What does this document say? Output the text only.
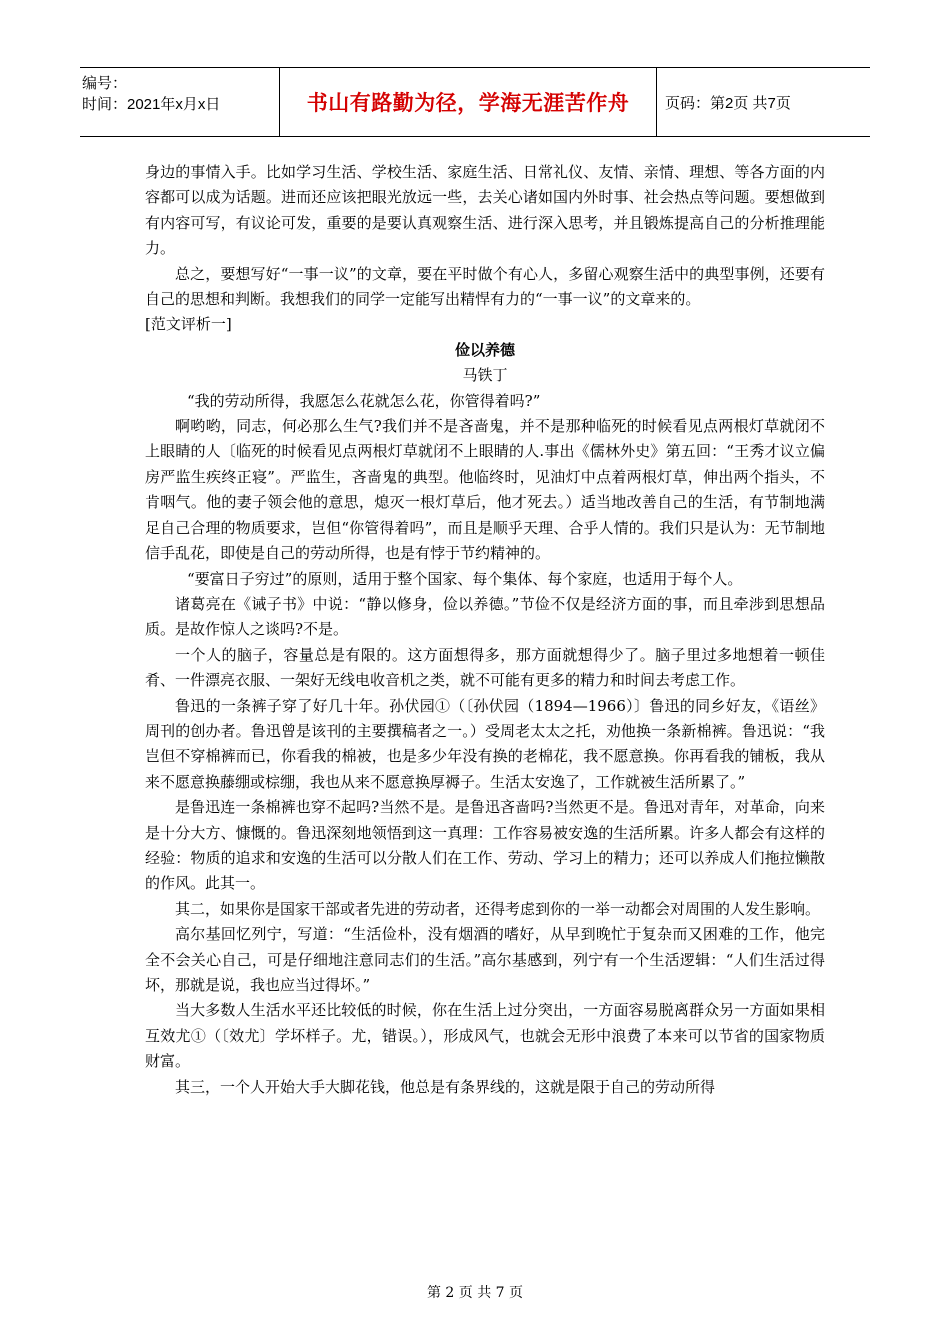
编号：
时间：2021年x月x日	书山有路勤为径，学海无涯苦作舟	页码：第2页 共7页

身边的事情入手。比如学习生活、学校生活、家庭生活、日常礼仪、友情、亲情、理想、等各方面的内容都可以成为话题。进而还应该把眼光放远一些，去关心诸如国内外时事、社会热点等问题。要想做到有内容可写，有议论可发，重要的是要认真观察生活、进行深入思考，并且锻炼提高自己的分析推理能力。

总之，要想写好“一事一议”的文章，要在平时做个有心人，多留心观察生活中的典型事例，还要有自己的思想和判断。我想我们的同学一定能写出精悍有力的“一事一议”的文章来的。

[范文评析一]

俭以养德

马铁丁

“我的劳动所得，我愿怎么花就怎么花，你管得着吗?”

啊哟哟，同志，何必那么生气?我们并不是吝啬鬼，并不是那种临死的时候看见点两根灯草就闭不上眼睛的人〔临死的时候看见点两根灯草就闭不上眼睛的人.事出《儒林外史》第五回：“王秀才议立偏房严监生疾终正寝”。严监生，吝啬鬼的典型。他临终时，见油灯中点着两根灯草，伸出两个指头，不肯咽气。他的妻子领会他的意思，熄灭一根灯草后，他才死去。）适当地改善自己的生活，有节制地满足自己合理的物质要求，岂但“你管得着吗”，而且是顺乎天理、合乎人情的。我们只是认为：无节制地信手乱花，即使是自己的劳动所得，也是有悖于节约精神的。

“要富日子穷过”的原则，适用于整个国家、每个集体、每个家庭，也适用于每个人。

诸葛亮在《诫子书》中说：“静以修身，俭以养德。”节俭不仅是经济方面的事，而且牵涉到思想品质。是故作惊人之谈吗?不是。

一个人的脑子，容量总是有限的。这方面想得多，那方面就想得少了。脑子里过多地想着一顿佳肴、一件漂亮衣服、一架好无线电收音机之类，就不可能有更多的精力和时间去考虑工作。

鲁迅的一条裤子穿了好几十年。孙伏园①（〔孙伏园（1894—1966）〕鲁迅的同乡好友，《语丝》周刊的创办者。鲁迅曾是该刊的主要撰稿者之一。）受周老太太之托，劝他换一条新棉裤。鲁迅说：“我岂但不穿棉裤而已，你看我的棉被，也是多少年没有换的老棉花，我不愿意换。你再看我的铺板，我从来不愿意换藤绷或棕绷，我也从来不愿意换厚褥子。生活太安逸了，工作就被生活所累了。”

是鲁迅连一条棉裤也穿不起吗?当然不是。是鲁迅吝啬吗?当然更不是。鲁迅对青年，对革命，向来是十分大方、慷慨的。鲁迅深刻地领悟到这一真理：工作容易被安逸的生活所累。许多人都会有这样的经验：物质的追求和安逸的生活可以分散人们在工作、劳动、学习上的精力；还可以养成人们拖拉懒散的作风。此其一。

其二，如果你是国家干部或者先进的劳动者，还得考虑到你的一举一动都会对周围的人发生影响。

高尔基回忆列宁，写道：“生活俭朴，没有烟酒的嗜好，从早到晚忙于复杂而又困难的工作，他完全不会关心自己，可是仔细地注意同志们的生活。”高尔基感到，列宁有一个生活逻辑：“人们生活过得坏，那就是说，我也应当过得坏。”

当大多数人生活水平还比较低的时候，你在生活上过分突出，一方面容易脱离群众另一方面如果相互效尤①（〔效尤〕学坏样子。尤，错误。），形成风气，也就会无形中浪费了本来可以节省的国家物质财富。

其三，一个人开始大手大脚花钱，他总是有条界线的，这就是限于自己的劳动所得

第 2 页 共 7 页
